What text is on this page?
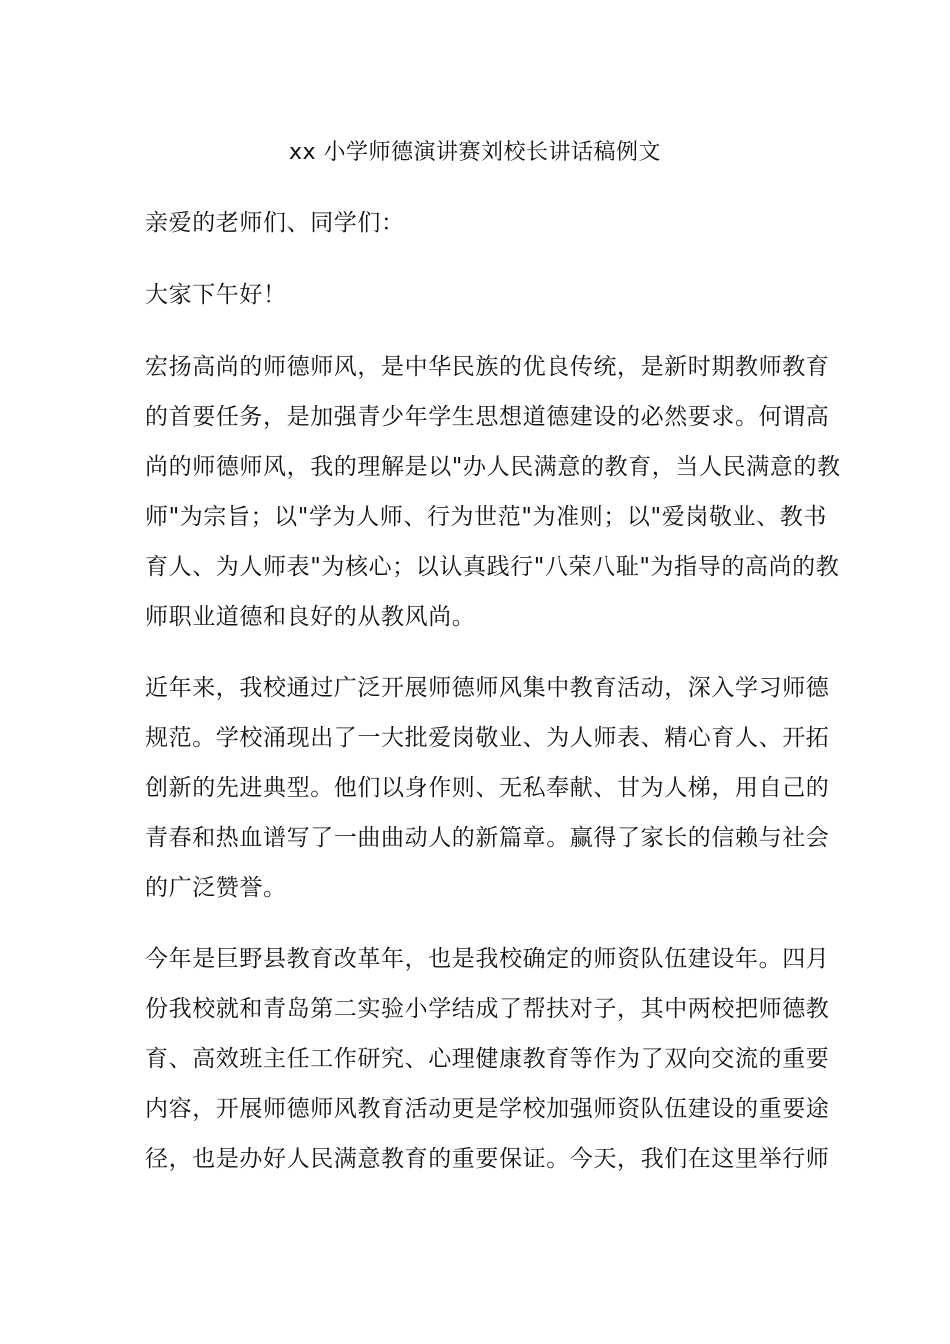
xx 小学师德演讲赛刘校长讲话稿例文
亲爱的老师们、同学们：
大家下午好！
宏扬高尚的师德师风，是中华民族的优良传统，是新时期教师教育
的首要任务，是加强青少年学生思想道德建设的必然要求。何谓高
尚的师德师风，我的理解是以"办人民满意的教育，当人民满意的教
师"为宗旨；以"学为人师、行为世范"为准则；以"爱岗敬业、教书
育人、为人师表"为核心；以认真践行"八荣八耻"为指导的高尚的教
师职业道德和良好的从教风尚。
近年来，我校通过广泛开展师德师风集中教育活动，深入学习师德
规范。学校涌现出了一大批爱岗敬业、为人师表、精心育人、开拓
创新的先进典型。他们以身作则、无私奉献、甘为人梯，用自己的
青春和热血谱写了一曲曲动人的新篇章。赢得了家长的信赖与社会
的广泛赞誉。
今年是巨野县教育改革年，也是我校确定的师资队伍建设年。四月
份我校就和青岛第二实验小学结成了帮扶对子，其中两校把师德教
育、高效班主任工作研究、心理健康教育等作为了双向交流的重要
内容，开展师德师风教育活动更是学校加强师资队伍建设的重要途
径，也是办好人民满意教育的重要保证。今天，我们在这里举行师
